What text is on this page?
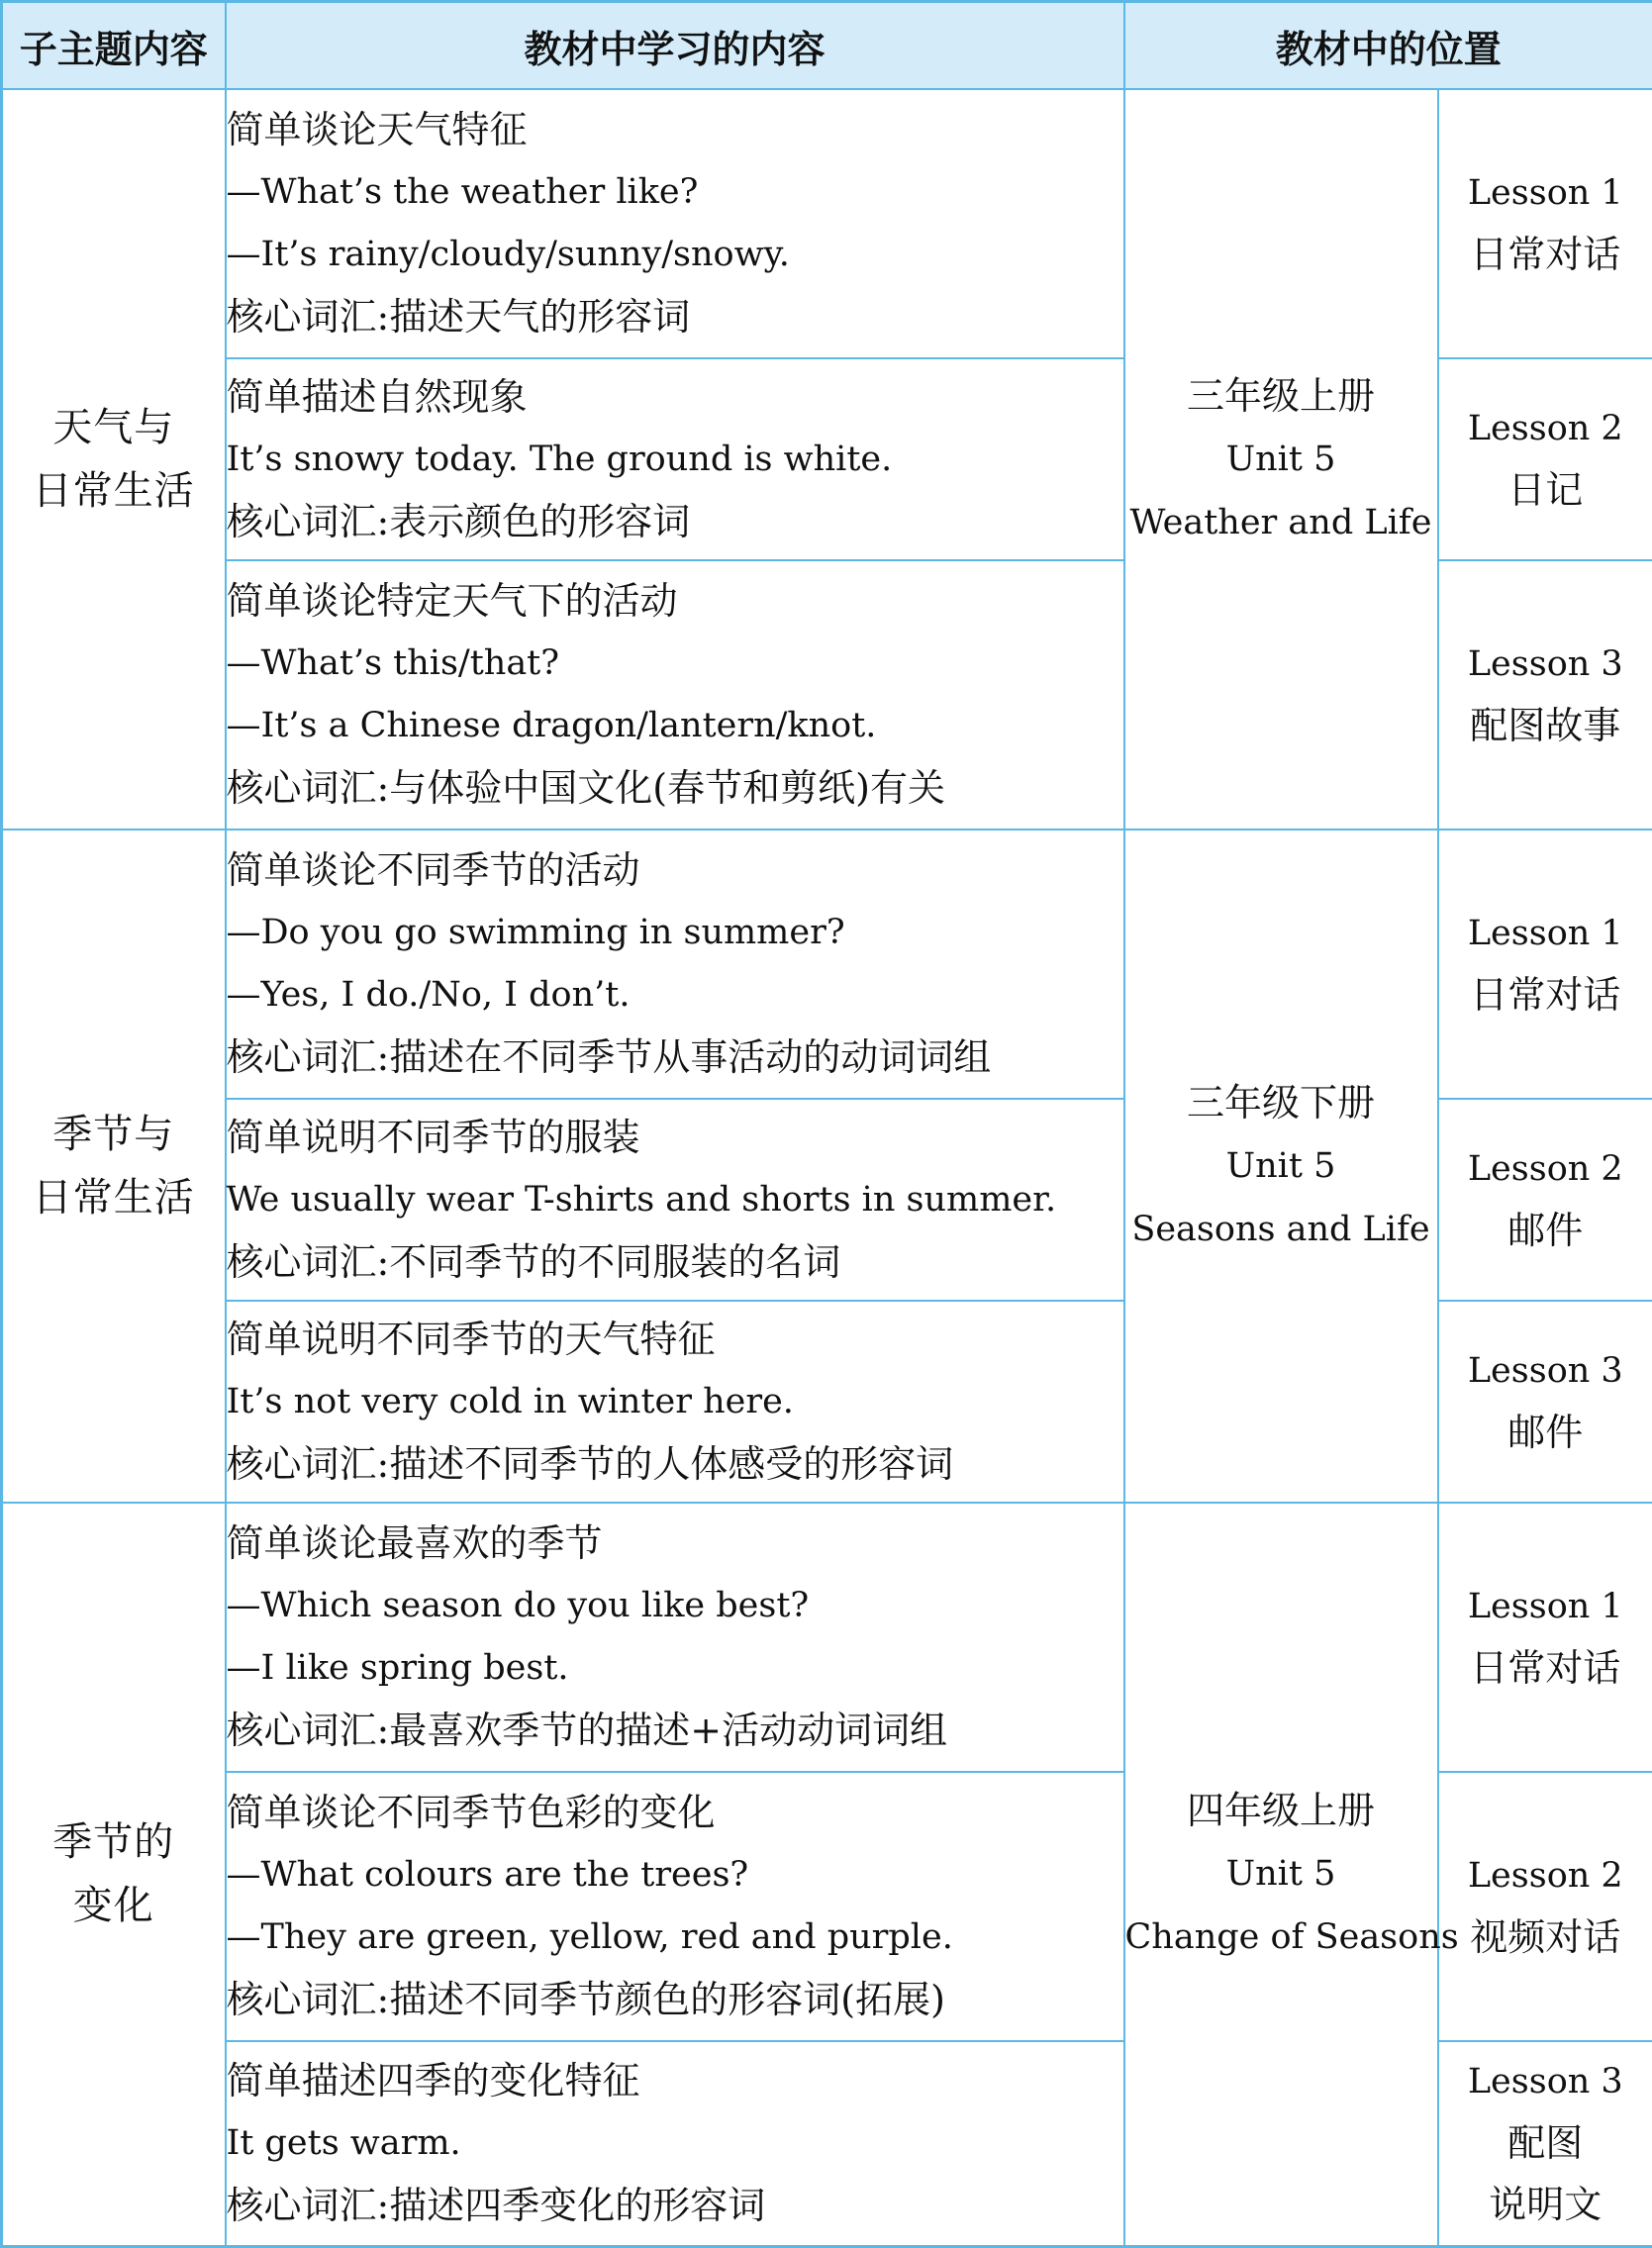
子主题内容	教材中学习的内容	教材中的位置	

天气与
日常生活	简单谈论天气特征
—What’s the weather like?
—It’s rainy/cloudy/sunny/snowy.
核心词汇:描述天气的形容词	三年级上册
Unit 5
Weather and Life	Lesson 1
日常对话

	简单描述自然现象
It’s snowy today. The ground is white.
核心词汇:表示颜色的形容词		Lesson 2
日记

	简单谈论特定天气下的活动
—What’s this/that?
—It’s a Chinese dragon/lantern/knot.
核心词汇:与体验中国文化(春节和剪纸)有关		Lesson 3
配图故事

季节与
日常生活	简单谈论不同季节的活动
—Do you go swimming in summer?
—Yes, I do./No, I don’t.
核心词汇:描述在不同季节从事活动的动词词组	三年级下册
Unit 5
Seasons and Life	Lesson 1
日常对话

	简单说明不同季节的服装
We usually wear T-shirts and shorts in summer.
核心词汇:不同季节的不同服装的名词		Lesson 2
邮件

	简单说明不同季节的天气特征
It’s not very cold in winter here.
核心词汇:描述不同季节的人体感受的形容词		Lesson 3
邮件

季节的
变化	简单谈论最喜欢的季节
—Which season do you like best?
—I like spring best.
核心词汇:最喜欢季节的描述+活动动词词组	四年级上册
Unit 5
Change of Seasons	Lesson 1
日常对话

	简单谈论不同季节色彩的变化
—What colours are the trees?
—They are green, yellow, red and purple.
核心词汇:描述不同季节颜色的形容词(拓展)		Lesson 2
视频对话

	简单描述四季的变化特征
It gets warm.
核心词汇:描述四季变化的形容词		Lesson 3
配图
说明文
